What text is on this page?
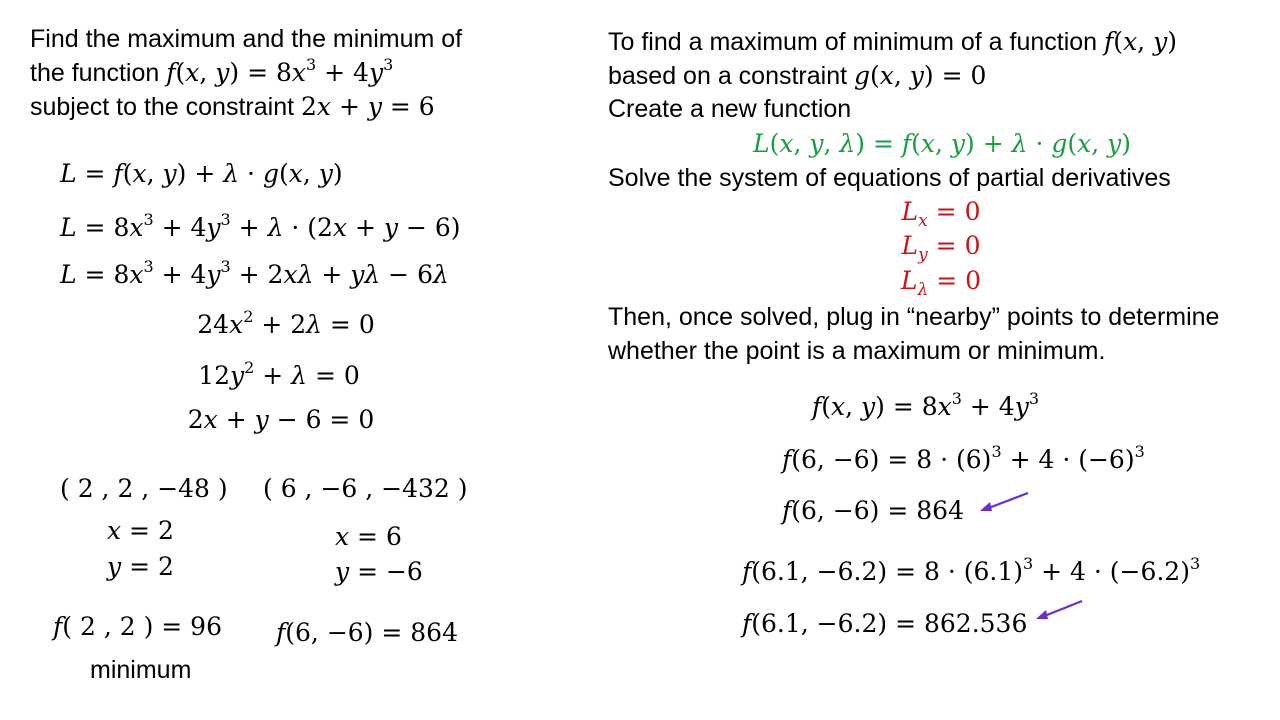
Find the maximum and the minimum of
the function f(x, $y) = 8x^3 + 4y^3$
subject to the constraint 2x + y = 6
L = f(x, y) + λ · g(x, y)
$L = 8x^3 + 4y^3 + \lambda \cdot (2x + y - 6)$
$L = 8x^3 + 4y^3 + 2x\lambda + y\lambda - 6\lambda$
$24x^2 + 2\lambda = 0$
$12y^2 + \lambda = 0$
2x + y − 6 = 0
( 2 , 2 , −48 ) ( 6 , −6 , −432 )
x = 2
y = 2
x = 6
y = −6
f( 2 , 2 ) = 96 f(6, −6) = 864
minimum
To find a maximum of minimum of a function f(x, y)
based on a constraint g(x, y) = 0
Create a new function
L(x, y, λ) = f(x, y) + λ · g(x, y)
Solve the system of equations of partial derivatives
$L_x = 0$
$L_y = 0$
$L_\lambda = 0$
Then, once solved, plug in “nearby” points to determine
whether the point is a maximum or minimum.
f(x, $y) = 8x^3 + 4y^3$
f(6, $-6) = 8 \cdot (6)^3 + 4 \cdot (-6)^3$
f(6, −6) = 864
f(6.1, $-6.2) = 8 \cdot (6.1)^3 + 4 \cdot (-6.2)^3$
f(6.1, −6.2) = 862.536
